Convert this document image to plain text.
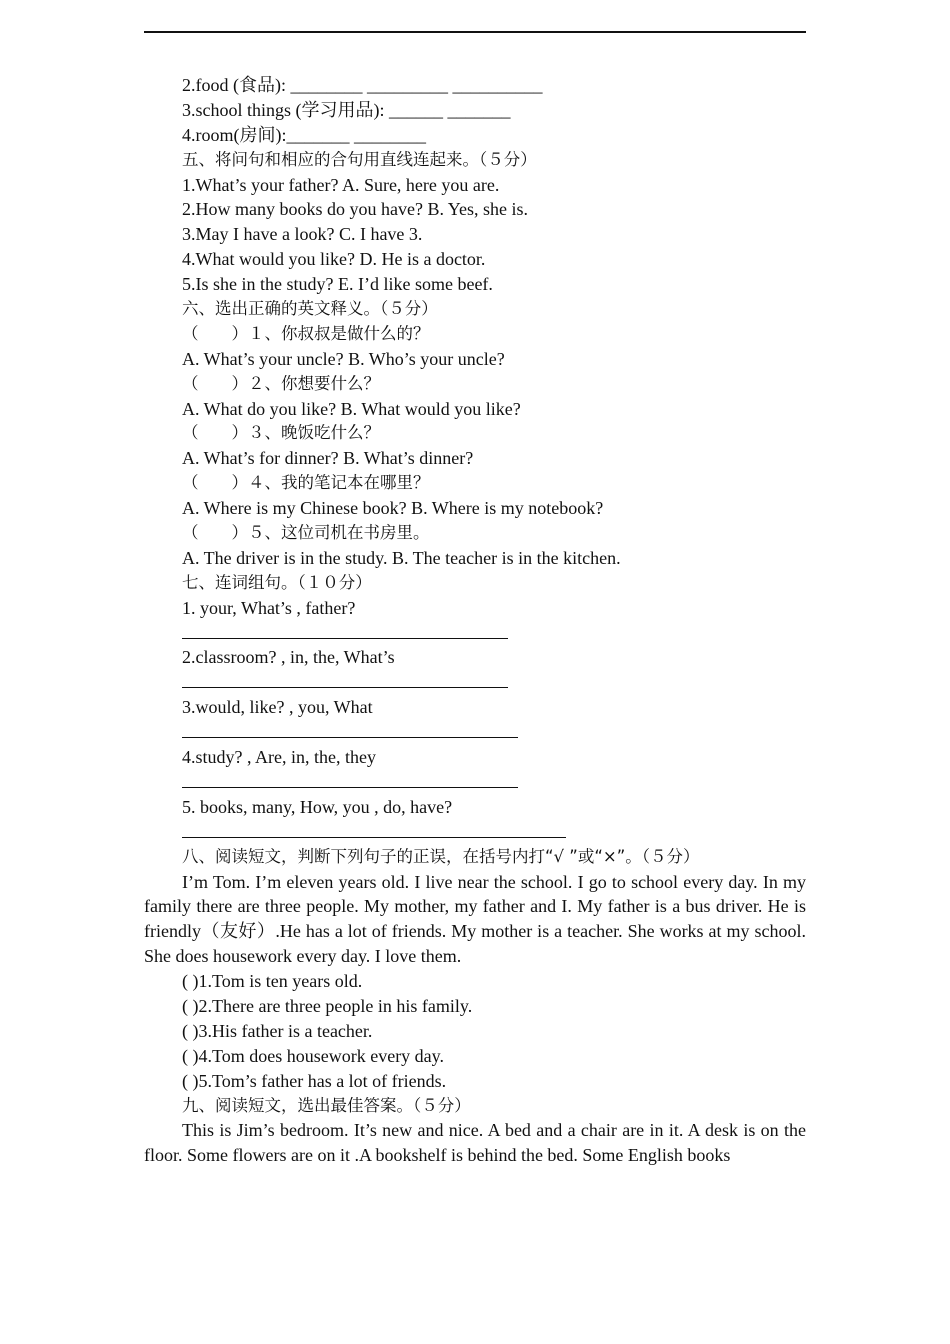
2.food (食品): ________ _________ __________
3.school things (学习用品): ______ _______
4.room(房间):_______ ________
五、将问句和相应的合句用直线连起来。（５分）
1.What’s your father? A. Sure, here you are.
2.How many books do you have? B. Yes, she is.
3.May I have a look? C. I have 3.
4.What would you like? D. He is a doctor.
5.Is she in the study? E. I’d like some beef.
六、选出正确的英文释义。（５分）
（　　）１、你叔叔是做什么的？
A. What’s your uncle? B. Who’s your uncle?
（　　）２、你想要什么？
A. What do you like? B. What would you like?
（　　）３、晚饭吃什么？
A. What’s for dinner? B. What’s dinner?
（　　）４、我的笔记本在哪里？
A. Where is my Chinese book? B. Where is my notebook?
（　　）５、这位司机在书房里。
A. The driver is in the study. B. The teacher is in the kitchen.
七、连词组句。（１０分）
1. your, What’s , father?
2.classroom? , in, the, What’s
3.would, like? , you, What
4.study? , Are, in, the, they
5. books, many, How, you , do, have?
八、阅读短文，判断下列句子的正误，在括号内打“√ ”或“×”。（５分）
I’m Tom. I’m eleven years old. I live near the school. I go to school every day. In my family there are three people. My mother, my father and I. My father is a bus driver. He is friendly（友好）.He has a lot of friends. My mother is a teacher. She works at my school. She does housework every day. I love them.
( )1.Tom is ten years old.
( )2.There are three people in his family.
( )3.His father is a teacher.
( )4.Tom does housework every day.
( )5.Tom’s father has a lot of friends.
九、阅读短文，选出最佳答案。（５分）
This is Jim’s bedroom. It’s new and nice. A bed and a chair are in it. A desk is on the floor. Some flowers are on it .A bookshelf is behind the bed. Some English books
